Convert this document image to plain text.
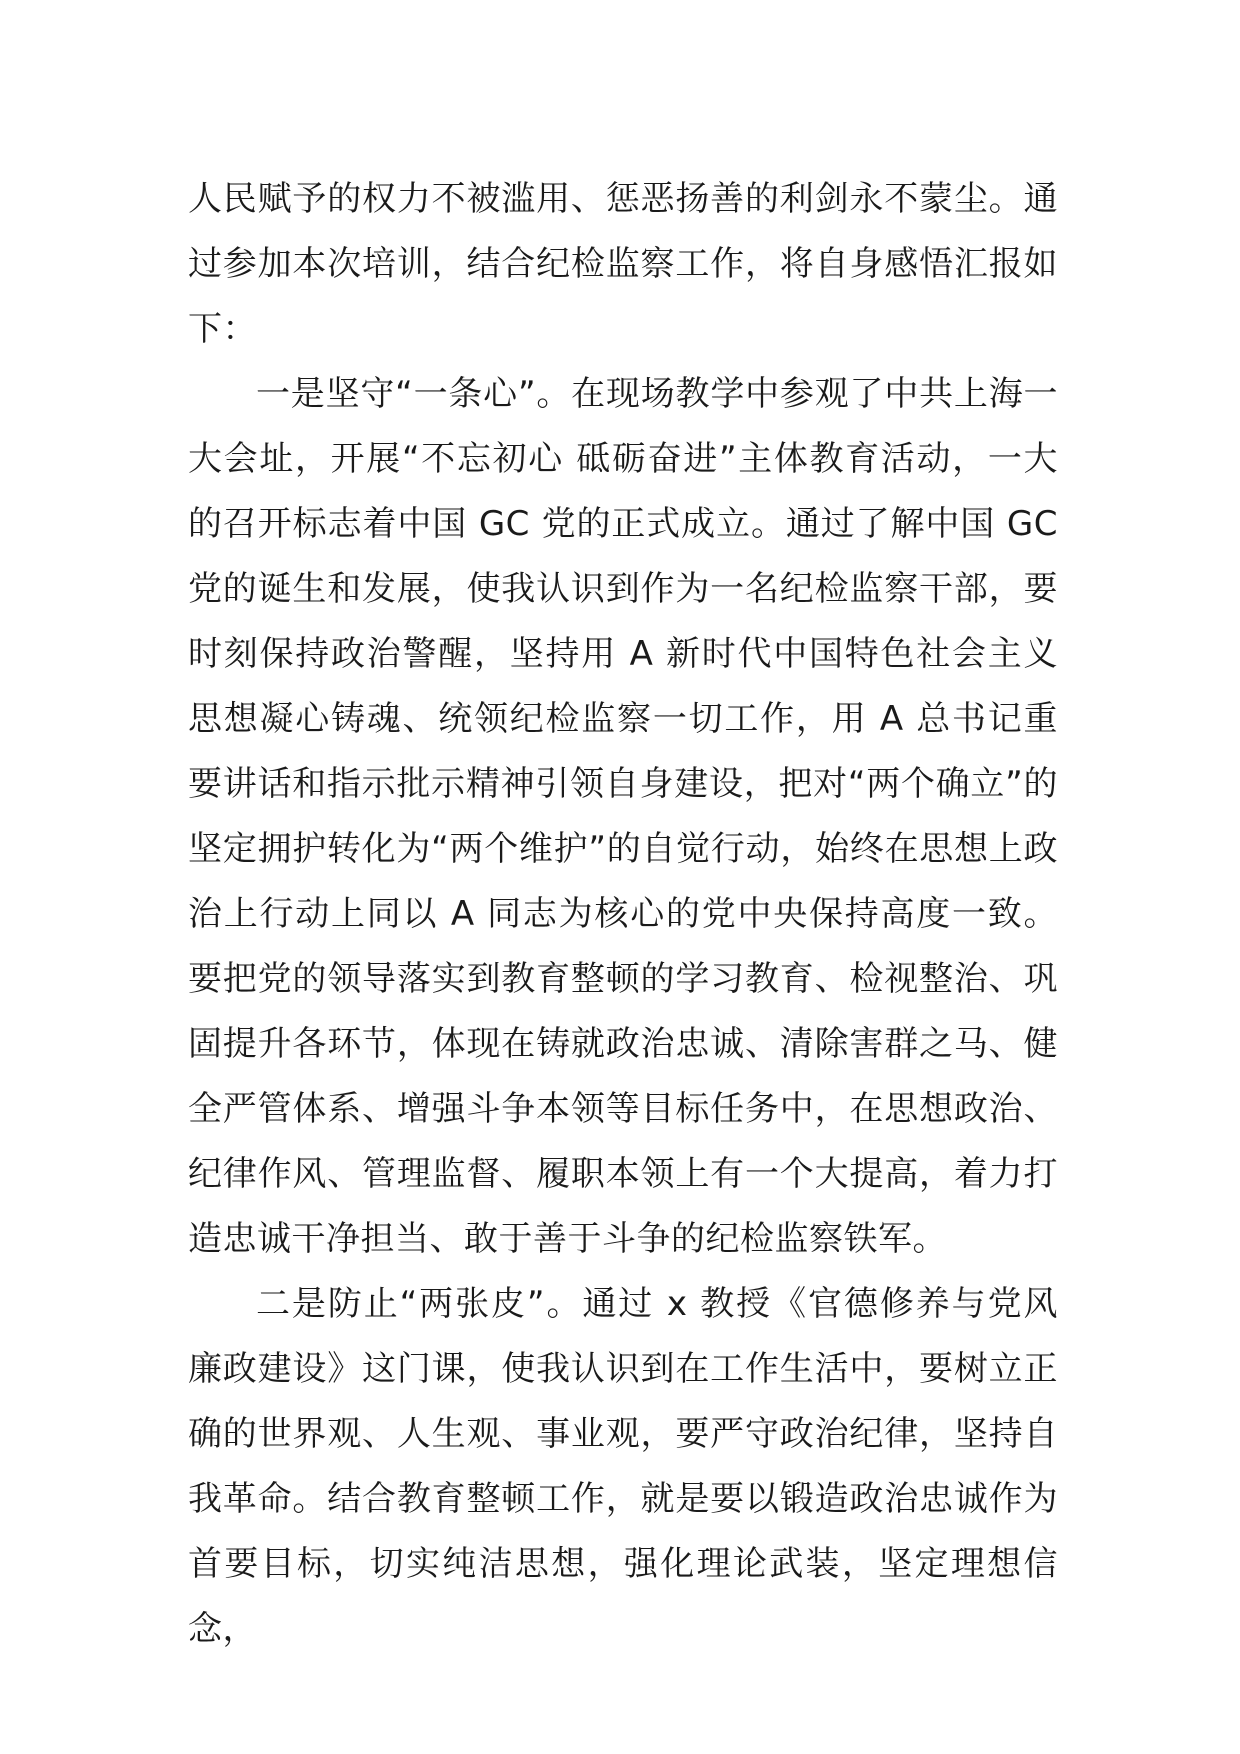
人民赋予的权力不被滥用、惩恶扬善的利剑永不蒙尘。通过参加本次培训，结合纪检监察工作，将自身感悟汇报如下：

一是坚守“一条心”。在现场教学中参观了中共上海一大会址，开展“不忘初心 砥砺奋进”主体教育活动，一大的召开标志着中国 GC 党的正式成立。通过了解中国 GC 党的诞生和发展，使我认识到作为一名纪检监察干部，要时刻保持政治警醒，坚持用 A 新时代中国特色社会主义思想凝心铸魂、统领纪检监察一切工作，用 A 总书记重要讲话和指示批示精神引领自身建设，把对“两个确立”的坚定拥护转化为“两个维护”的自觉行动，始终在思想上政治上行动上同以 A 同志为核心的党中央保持高度一致。要把党的领导落实到教育整顿的学习教育、检视整治、巩固提升各环节，体现在铸就政治忠诚、清除害群之马、健全严管体系、增强斗争本领等目标任务中，在思想政治、纪律作风、管理监督、履职本领上有一个大提高，着力打造忠诚干净担当、敢于善于斗争的纪检监察铁军。

二是防止“两张皮”。通过 x 教授《官德修养与党风廉政建设》这门课，使我认识到在工作生活中，要树立正确的世界观、人生观、事业观，要严守政治纪律，坚持自我革命。结合教育整顿工作，就是要以锻造政治忠诚作为首要目标，切实纯洁思想，强化理论武装，坚定理想信念，
